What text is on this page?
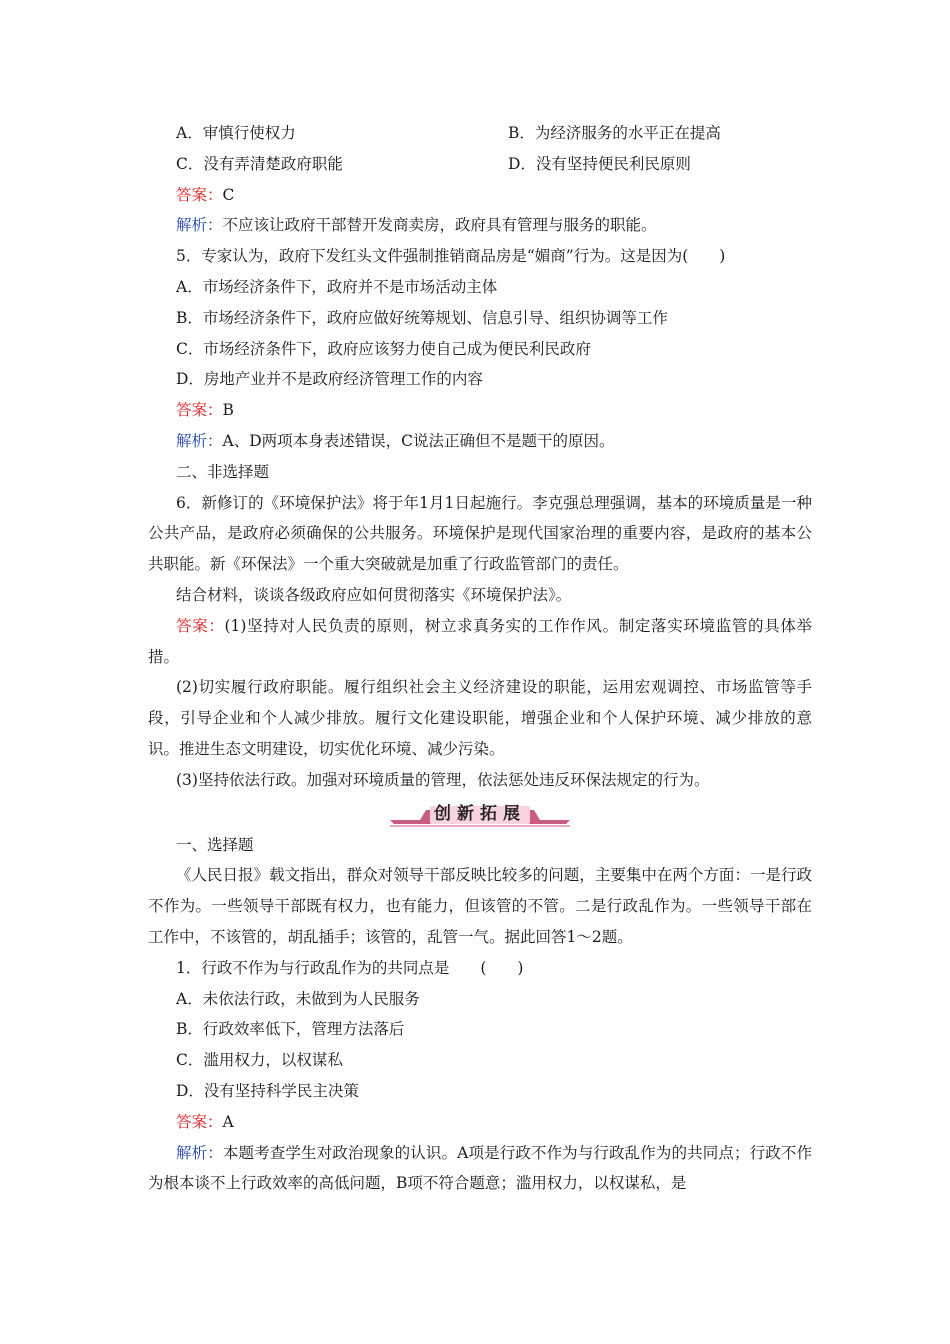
A．审慎行使权力	B．为经济服务的水平正在提高
C．没有弄清楚政府职能	D．没有坚持便民利民原则
答案：C
解析：不应该让政府干部替开发商卖房，政府具有管理与服务的职能。
5．专家认为，政府下发红头文件强制推销商品房是“媚商”行为。这是因为(　　)
A．市场经济条件下，政府并不是市场活动主体
B．市场经济条件下，政府应做好统筹规划、信息引导、组织协调等工作
C．市场经济条件下，政府应该努力使自己成为便民利民政府
D．房地产业并不是政府经济管理工作的内容
答案：B
解析：A、D两项本身表述错误，C说法正确但不是题干的原因。
二、非选择题
6．新修订的《环境保护法》将于年1月1日起施行。李克强总理强调，基本的环境质量是一种公共产品，是政府必须确保的公共服务。环境保护是现代国家治理的重要内容，是政府的基本公共职能。新《环保法》一个重大突破就是加重了行政监管部门的责任。
结合材料，谈谈各级政府应如何贯彻落实《环境保护法》。
答案：(1)坚持对人民负责的原则，树立求真务实的工作作风。制定落实环境监管的具体举措。
(2)切实履行政府职能。履行组织社会主义经济建设的职能，运用宏观调控、市场监管等手段，引导企业和个人减少排放。履行文化建设职能，增强企业和个人保护环境、减少排放的意识。推进生态文明建设，切实优化环境、减少污染。
(3)坚持依法行政。加强对环境质量的管理，依法惩处违反环保法规定的行为。
创新拓展
一、选择题
《人民日报》载文指出，群众对领导干部反映比较多的问题，主要集中在两个方面：一是行政不作为。一些领导干部既有权力，也有能力，但该管的不管。二是行政乱作为。一些领导干部在工作中，不该管的，胡乱插手；该管的，乱管一气。据此回答1～2题。
1．行政不作为与行政乱作为的共同点是　　(　　)
A．未依法行政，未做到为人民服务
B．行政效率低下，管理方法落后
C．滥用权力，以权谋私
D．没有坚持科学民主决策
答案：A
解析：本题考查学生对政治现象的认识。A项是行政不作为与行政乱作为的共同点；行政不作为根本谈不上行政效率的高低问题，B项不符合题意；滥用权力，以权谋私，是
